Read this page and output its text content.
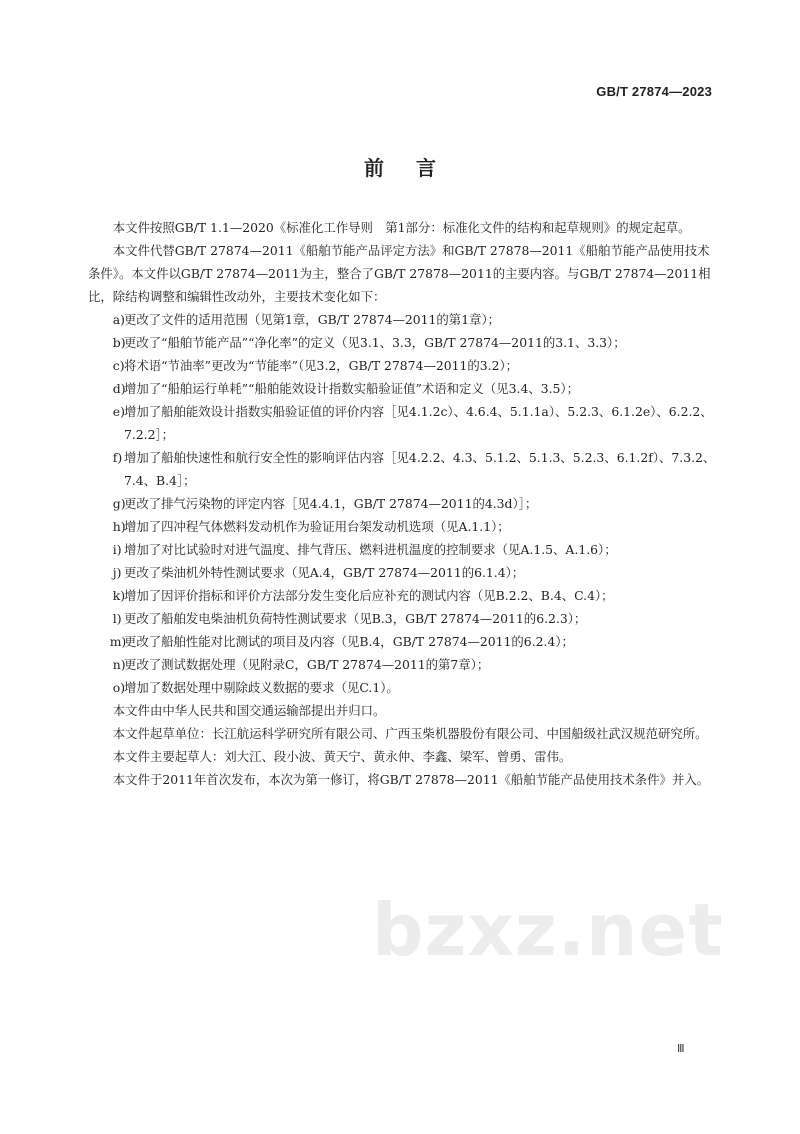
GB/T 27874—2023
前言

本文件按照GB/T 1.1—2020《标准化工作导则　第1部分：标准化文件的结构和起草规则》的规定起草。

本文件代替GB/T 27874—2011《船舶节能产品评定方法》和GB/T 27878—2011《船舶节能产品使用技术条件》。本文件以GB/T 27874—2011为主，整合了GB/T 27878—2011的主要内容。与GB/T 27874—2011相比，除结构调整和编辑性改动外，主要技术变化如下：

a)
更改了文件的适用范围（见第1章，GB/T 27874—2011的第1章）；
b)
更改了“船舶节能产品”“净化率”的定义（见3.1、3.3，GB/T 27874—2011的3.1、3.3）；
c) 将术语“节油率”更改为“节能率”（见3.2，GB/T 27874—2011的3.2）；
d)
增加了“船舶运行单耗”“船舶能效设计指数实船验证值”术语和定义（见3.4、3.5）；
e)
增加了船舶能效设计指数实船验证值的评价内容［见4.1.2c）、4.6.4、5.1.1a）、5.2.3、6.1.2e）、6.2.2、7.2.2］；
f) 增加了船舶快速性和航行安全性的影响评估内容［见4.2.2、4.3、5.1.2、5.1.3、5.2.3、6.1.2f）、7.3.2、7.4、B.4］；
g)
更改了排气污染物的评定内容［见4.4.1，GB/T 27874—2011的4.3d）］；
h)
增加了四冲程气体燃料发动机作为验证用台架发动机选项（见A.1.1）；
i) 增加了对比试验时对进气温度、排气背压、燃料进机温度的控制要求（见A.1.5、A.1.6）；
j) 更改了柴油机外特性测试要求（见A.4，GB/T 27874—2011的6.1.4）；
k)
增加了因评价指标和评价方法部分发生变化后应补充的测试内容（见B.2.2、B.4、C.4）；
l) 更改了船舶发电柴油机负荷特性测试要求（见B.3，GB/T 27874—2011的6.2.3）；
m)
更改了船舶性能对比测试的项目及内容（见B.4，GB/T 27874—2011的6.2.4）；
n)
更改了测试数据处理（见附录C，GB/T 27874—2011的第7章）；
o)
增加了数据处理中剔除歧义数据的要求（见C.1）。

本文件由中华人民共和国交通运输部提出并归口。

本文件起草单位：长江航运科学研究所有限公司、广西玉柴机器股份有限公司、中国船级社武汉规范研究所。

本文件主要起草人：刘大江、段小波、黄天宁、黄永仲、李鑫、梁军、曾勇、雷伟。

本文件于2011年首次发布，本次为第一修订，将GB/T 27878—2011《船舶节能产品使用技术条件》并入。

bzxz.net
Ⅲ
